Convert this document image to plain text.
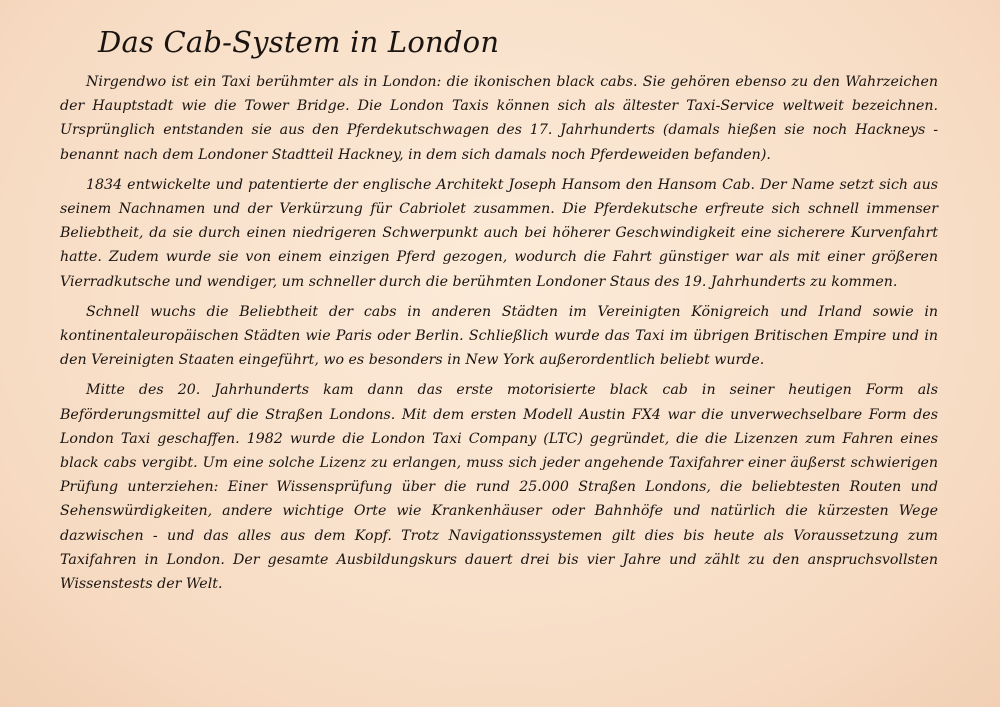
Das Cab-System in London

Nirgendwo ist ein Taxi berühmter als in London: die ikonischen black cabs. Sie gehören ebenso zu den Wahrzeichen der Hauptstadt wie die Tower Bridge. Die London Taxis können sich als ältester Taxi-Service weltweit bezeichnen. Ursprünglich entstanden sie aus den Pferdekutschwagen des 17. Jahrhunderts (damals hießen sie noch Hackneys - benannt nach dem Londoner Stadtteil Hackney, in dem sich damals noch Pferdeweiden befanden).

1834 entwickelte und patentierte der englische Architekt Joseph Hansom den Hansom Cab. Der Name setzt sich aus seinem Nachnamen und der Verkürzung für Cabriolet zusammen. Die Pferdekutsche erfreute sich schnell immenser Beliebtheit, da sie durch einen niedrigeren Schwerpunkt auch bei höherer Geschwindigkeit eine sicherere Kurvenfahrt hatte. Zudem wurde sie von einem einzigen Pferd gezogen, wodurch die Fahrt günstiger war als mit einer größeren Vierradkutsche und wendiger, um schneller durch die berühmten Londoner Staus des 19. Jahrhunderts zu kommen.

Schnell wuchs die Beliebtheit der cabs in anderen Städten im Vereinigten Königreich und Irland sowie in kontinentaleuropäischen Städten wie Paris oder Berlin. Schließlich wurde das Taxi im übrigen Britischen Empire und in den Vereinigten Staaten eingeführt, wo es besonders in New York außerordentlich beliebt wurde.

Mitte des 20. Jahrhunderts kam dann das erste motorisierte black cab in seiner heutigen Form als Beförderungsmittel auf die Straßen Londons. Mit dem ersten Modell Austin FX4 war die unverwechselbare Form des London Taxi geschaffen. 1982 wurde die London Taxi Company (LTC) gegründet, die die Lizenzen zum Fahren eines black cabs vergibt. Um eine solche Lizenz zu erlangen, muss sich jeder angehende Taxifahrer einer äußerst schwierigen Prüfung unterziehen: Einer Wissensprüfung über die rund 25.000 Straßen Londons, die beliebtesten Routen und Sehenswürdigkeiten, andere wichtige Orte wie Krankenhäuser oder Bahnhöfe und natürlich die kürzesten Wege dazwischen - und das alles aus dem Kopf. Trotz Navigationssystemen gilt dies bis heute als Voraussetzung zum Taxifahren in London. Der gesamte Ausbildungskurs dauert drei bis vier Jahre und zählt zu den anspruchsvollsten Wissenstests der Welt.
